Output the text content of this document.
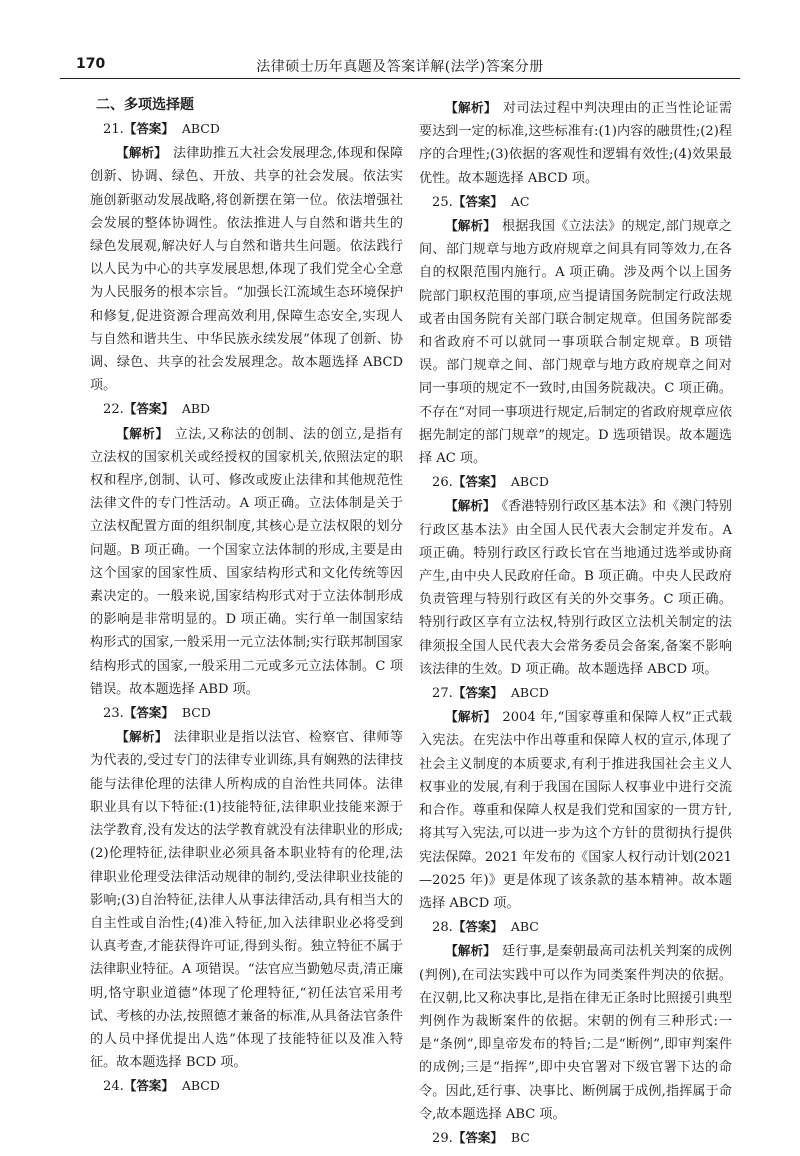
170	法律硕士历年真题及答案详解(法学)答案分册
二、多项选择题
21.【答案】 ABCD

【解析】 法律助推五大社会发展理念,体现和保障创新、协调、绿色、开放、共享的社会发展。依法实施创新驱动发展战略,将创新摆在第一位。依法增强社会发展的整体协调性。依法推进人与自然和谐共生的绿色发展观,解决好人与自然和谐共生问题。依法践行以人民为中心的共享发展思想,体现了我们党全心全意为人民服务的根本宗旨。“加强长江流域生态环境保护和修复,促进资源合理高效利用,保障生态安全,实现人与自然和谐共生、中华民族永续发展”体现了创新、协调、绿色、共享的社会发展理念。故本题选择 ABCD 项。

22.【答案】 ABD

【解析】 立法,又称法的创制、法的创立,是指有立法权的国家机关或经授权的国家机关,依照法定的职权和程序,创制、认可、修改或废止法律和其他规范性法律文件的专门性活动。A 项正确。立法体制是关于立法权配置方面的组织制度,其核心是立法权限的划分问题。B 项正确。一个国家立法体制的形成,主要是由这个国家的国家性质、国家结构形式和文化传统等因素决定的。一般来说,国家结构形式对于立法体制形成的影响是非常明显的。D 项正确。实行单一制国家结构形式的国家,一般采用一元立法体制;实行联邦制国家结构形式的国家,一般采用二元或多元立法体制。C 项错误。故本题选择 ABD 项。

23.【答案】 BCD

【解析】 法律职业是指以法官、检察官、律师等为代表的,受过专门的法律专业训练,具有娴熟的法律技能与法律伦理的法律人所构成的自治性共同体。法律职业具有以下特征:(1)技能特征,法律职业技能来源于法学教育,没有发达的法学教育就没有法律职业的形成;(2)伦理特征,法律职业必须具备本职业特有的伦理,法律职业伦理受法律活动规律的制约,受法律职业技能的影响;(3)自治特征,法律人从事法律活动,具有相当大的自主性或自治性;(4)准入特征,加入法律职业必将受到认真考查,才能获得许可证,得到头衔。独立特征不属于法律职业特征。A 项错误。“法官应当勤勉尽责,清正廉明,恪守职业道德”体现了伦理特征,“初任法官采用考试、考核的办法,按照德才兼备的标准,从具备法官条件的人员中择优提出人选”体现了技能特征以及准入特征。故本题选择 BCD 项。

24.【答案】 ABCD

【解析】 对司法过程中判决理由的正当性论证需要达到一定的标准,这些标准有:(1)内容的融贯性;(2)程序的合理性;(3)依据的客观性和逻辑有效性;(4)效果最优性。故本题选择 ABCD 项。

25.【答案】 AC

【解析】 根据我国《立法法》的规定,部门规章之间、部门规章与地方政府规章之间具有同等效力,在各自的权限范围内施行。A 项正确。涉及两个以上国务院部门职权范围的事项,应当提请国务院制定行政法规或者由国务院有关部门联合制定规章。但国务院部委和省政府不可以就同一事项联合制定规章。B 项错误。部门规章之间、部门规章与地方政府规章之间对同一事项的规定不一致时,由国务院裁决。C 项正确。不存在“对同一事项进行规定,后制定的省政府规章应依据先制定的部门规章”的规定。D 选项错误。故本题选择 AC 项。

26.【答案】 ABCD

【解析】 《香港特别行政区基本法》和《澳门特别行政区基本法》由全国人民代表大会制定并发布。A 项正确。特别行政区行政长官在当地通过选举或协商产生,由中央人民政府任命。B 项正确。中央人民政府负责管理与特别行政区有关的外交事务。C 项正确。特别行政区享有立法权,特别行政区立法机关制定的法律须报全国人民代表大会常务委员会备案,备案不影响该法律的生效。D 项正确。故本题选择 ABCD 项。

27.【答案】 ABCD

【解析】 2004 年,“国家尊重和保障人权”正式载入宪法。在宪法中作出尊重和保障人权的宣示,体现了社会主义制度的本质要求,有利于推进我国社会主义人权事业的发展,有利于我国在国际人权事业中进行交流和合作。尊重和保障人权是我们党和国家的一贯方针,将其写入宪法,可以进一步为这个方针的贯彻执行提供宪法保障。2021 年发布的《国家人权行动计划(2021—2025 年)》更是体现了该条款的基本精神。故本题选择 ABCD 项。

28.【答案】 ABC

【解析】 廷行事,是秦朝最高司法机关判案的成例(判例),在司法实践中可以作为同类案件判决的依据。在汉朝,比又称决事比,是指在律无正条时比照援引典型判例作为裁断案件的依据。宋朝的例有三种形式:一是“条例”,即皇帝发布的特旨;二是“断例”,即审判案件的成例;三是“指挥”,即中央官署对下级官署下达的命令。因此,廷行事、决事比、断例属于成例,指挥属于命令,故本题选择 ABC 项。

29.【答案】 BC
